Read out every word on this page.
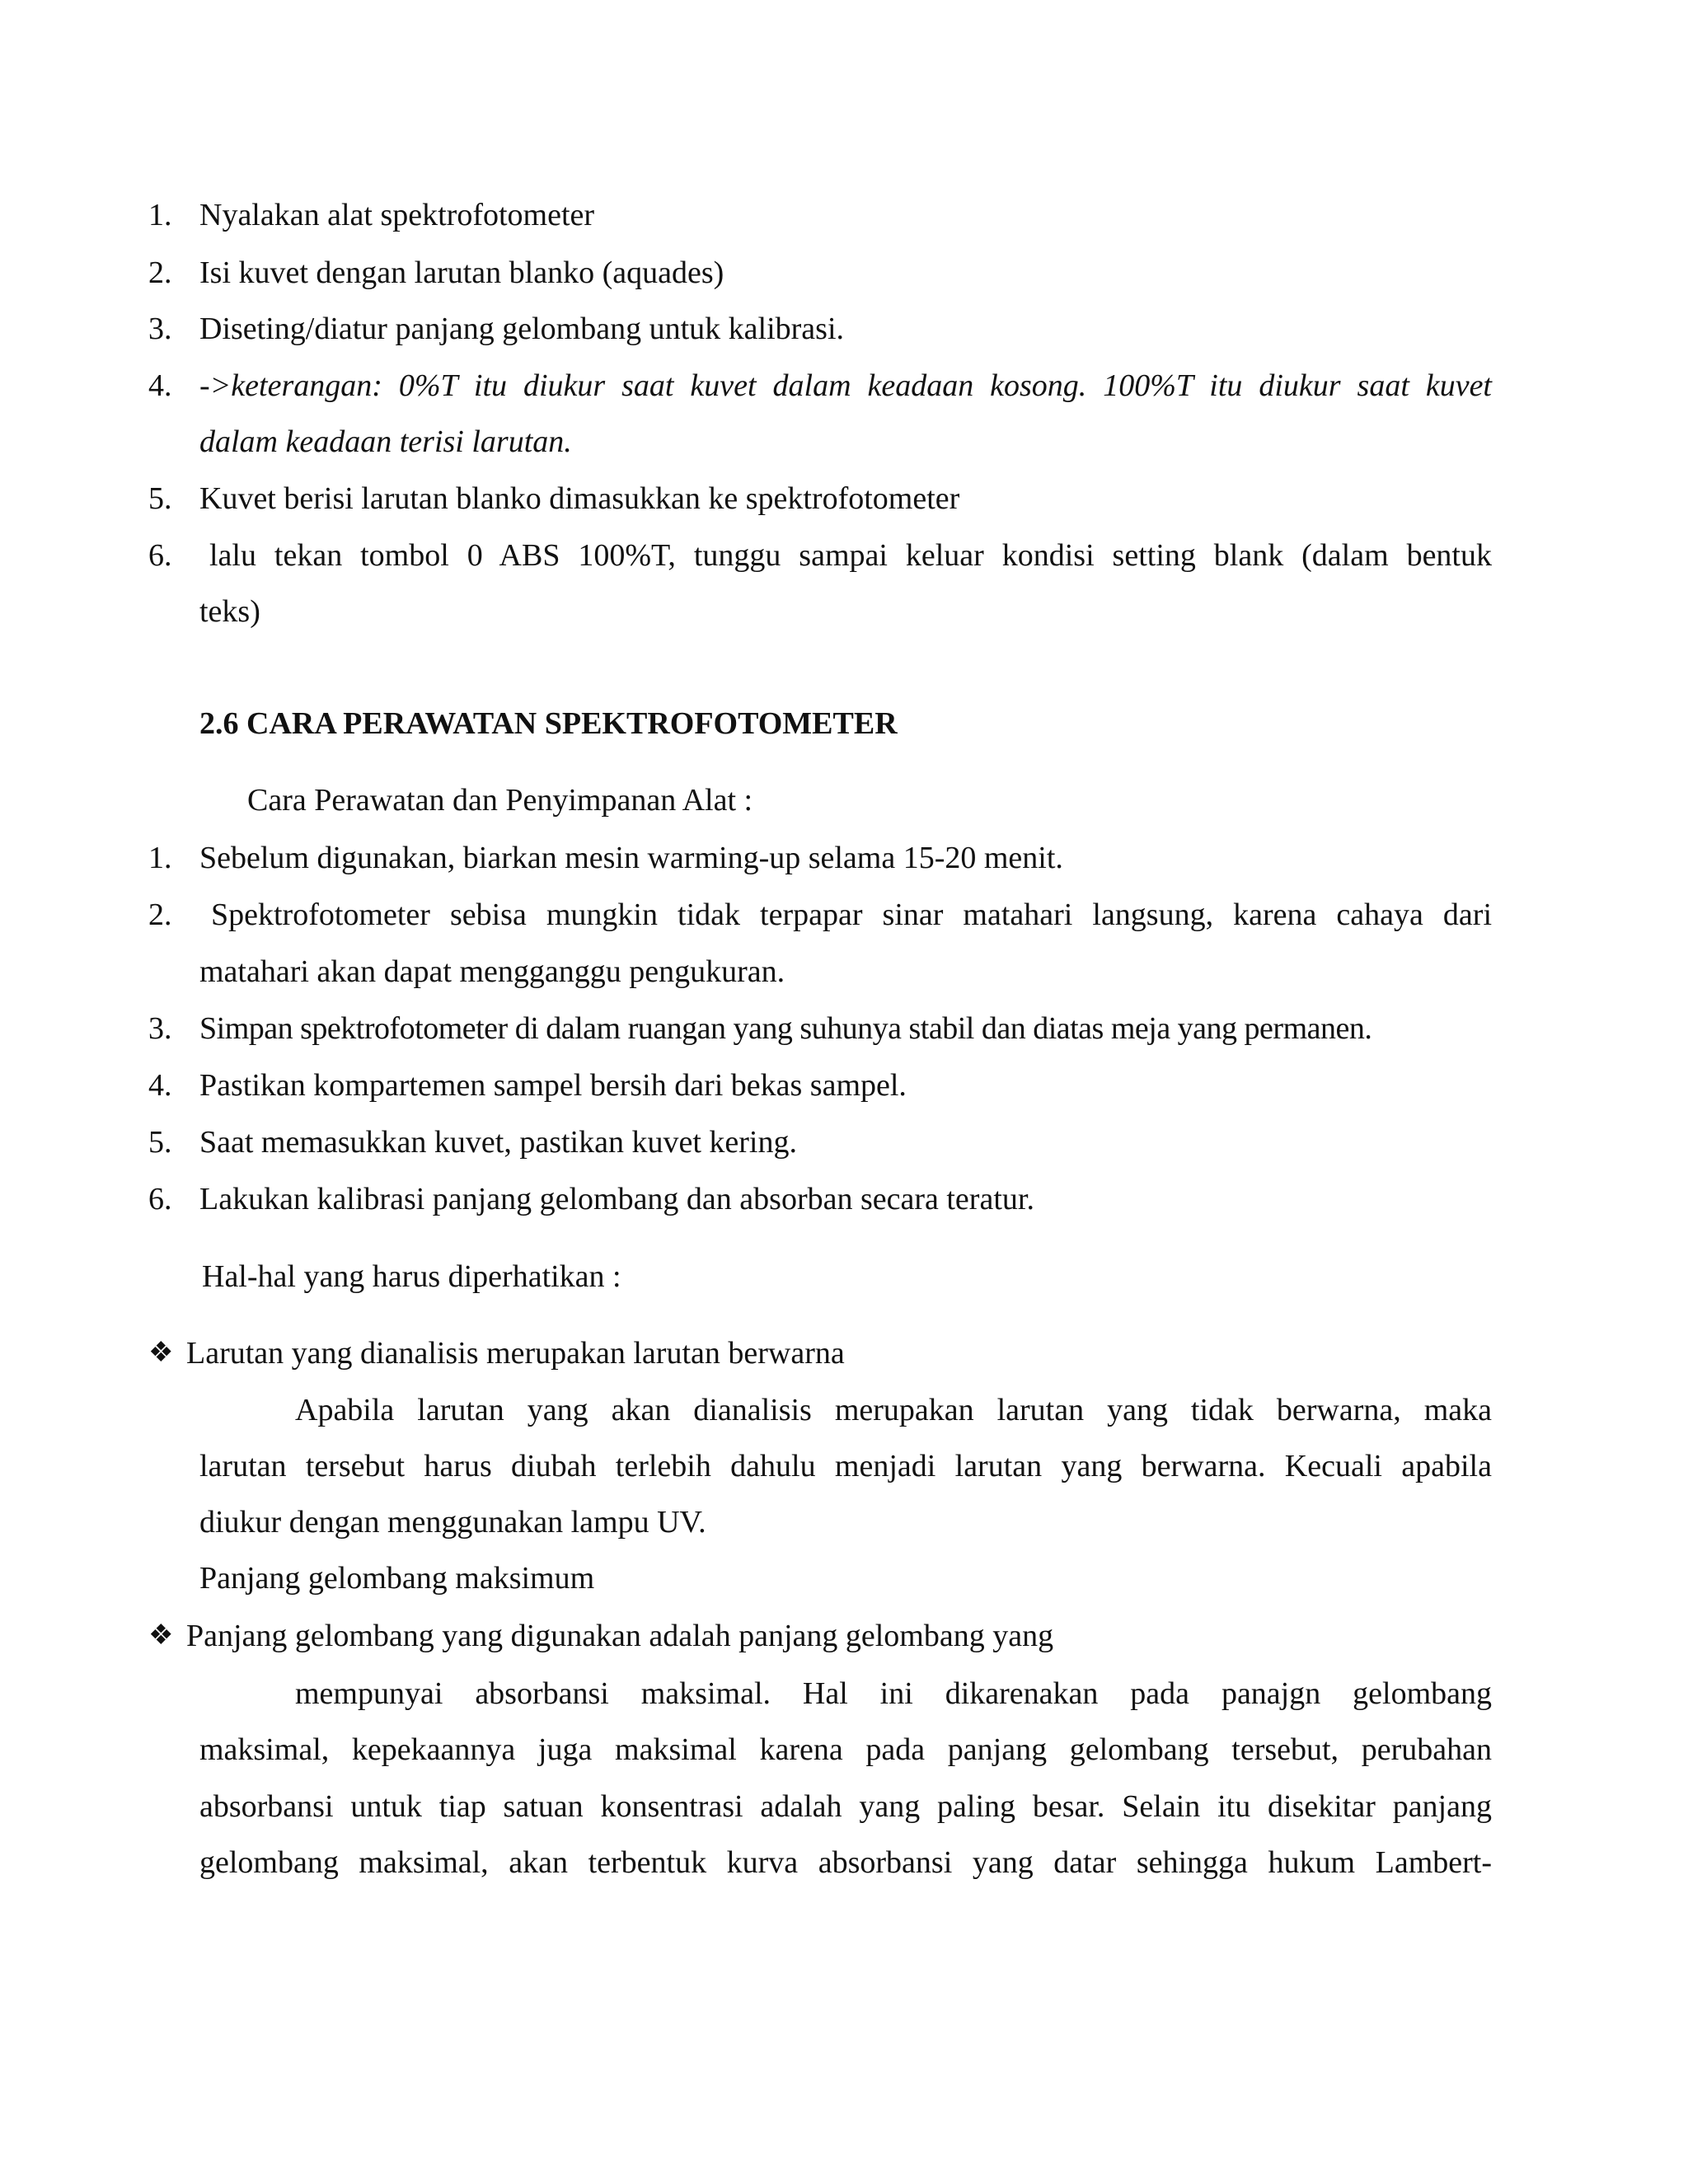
1. Nyalakan alat spektrofotometer
2. Isi kuvet dengan larutan blanko (aquades)
3. Diseting/diatur panjang gelombang untuk kalibrasi.
4. ->keterangan: 0%T itu diukur saat kuvet dalam keadaan kosong. 100%T itu diukur saat kuvet
dalam keadaan terisi larutan.
5. Kuvet berisi larutan blanko dimasukkan ke spektrofotometer
6. lalu tekan tombol 0 ABS 100%T, tunggu sampai keluar kondisi setting blank (dalam bentuk
teks)
2.6 CARA PERAWATAN SPEKTROFOTOMETER
Cara Perawatan dan Penyimpanan Alat :
1. Sebelum digunakan, biarkan mesin warming-up selama 15-20 menit.
2. Spektrofotometer sebisa mungkin tidak terpapar sinar matahari langsung, karena cahaya dari
matahari akan dapat mengganggu pengukuran.
3. Simpan spektrofotometer di dalam ruangan yang suhunya stabil dan diatas meja yang permanen.
4. Pastikan kompartemen sampel bersih dari bekas sampel.
5. Saat memasukkan kuvet, pastikan kuvet kering.
6. Lakukan kalibrasi panjang gelombang dan absorban secara teratur.
Hal-hal yang harus diperhatikan :
❖ Larutan yang dianalisis merupakan larutan berwarna
Apabila larutan yang akan dianalisis merupakan larutan yang tidak berwarna, maka
larutan tersebut harus diubah terlebih dahulu menjadi larutan yang berwarna. Kecuali apabila
diukur dengan menggunakan lampu UV.
Panjang gelombang maksimum
❖ Panjang gelombang yang digunakan adalah panjang gelombang yang
mempunyai absorbansi maksimal. Hal ini dikarenakan pada panajgn gelombang
maksimal, kepekaannya juga maksimal karena pada panjang gelombang tersebut, perubahan
absorbansi untuk tiap satuan konsentrasi adalah yang paling besar. Selain itu disekitar panjang
gelombang maksimal, akan terbentuk kurva absorbansi yang datar sehingga hukum Lambert-
